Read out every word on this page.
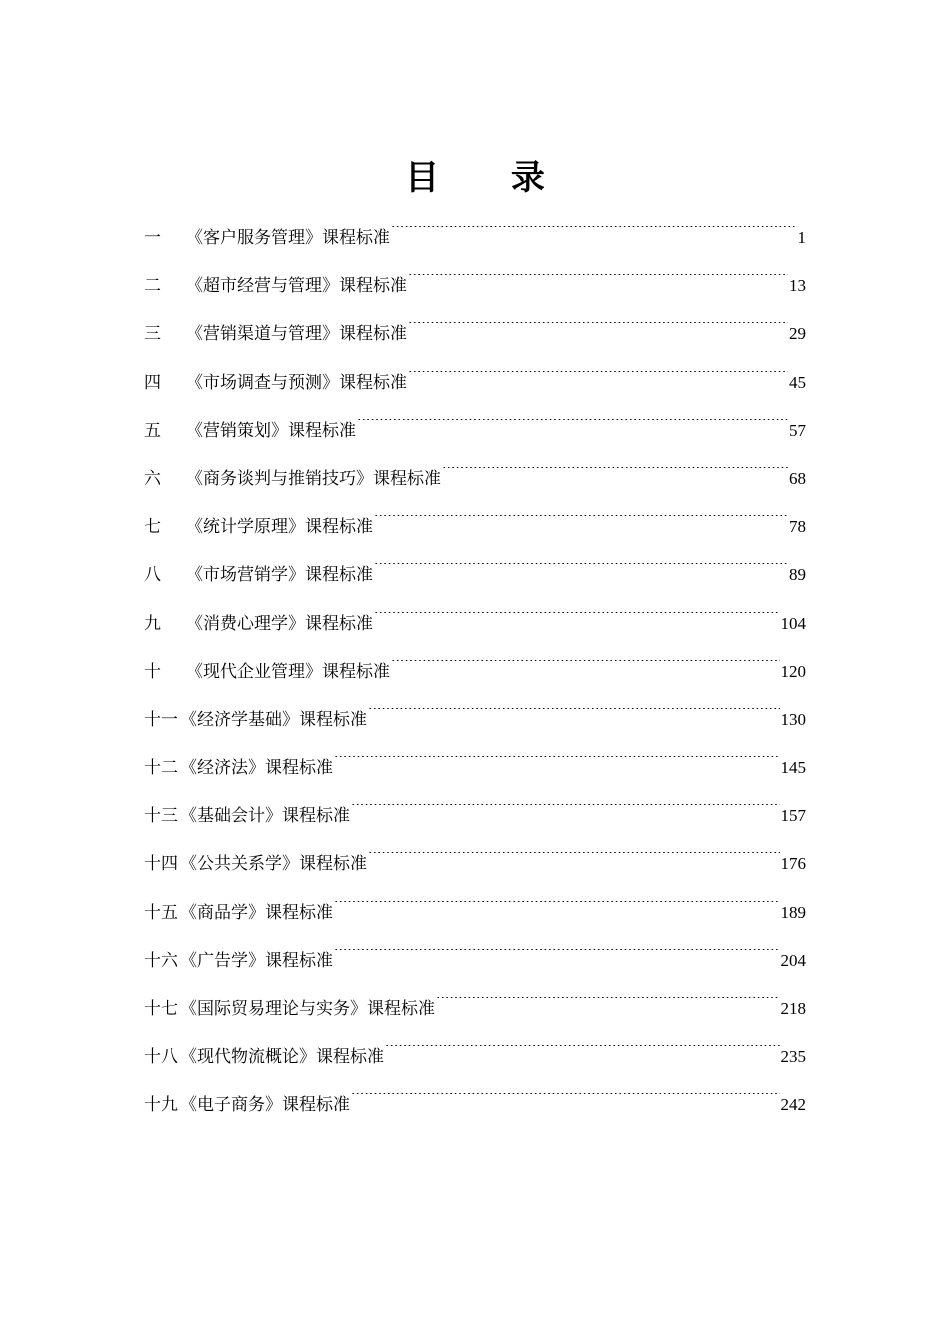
目 录
一	《客户服务管理》课程标准 .....	1
二	《超市经营与管理》课程标准 .....	13
三	《营销渠道与管理》课程标准 .....	29
四	《市场调查与预测》课程标准 .....	45
五	《营销策划》课程标准 .....	57
六	《商务谈判与推销技巧》课程标准 .....	68
七	《统计学原理》课程标准 .....	78
八	《市场营销学》课程标准 .....	89
九	《消费心理学》课程标准 .....	104
十	《现代企业管理》课程标准 .....	120
十一 《经济学基础》课程标准 .....	130
十二 《经济法》课程标准 .....	145
十三 《基础会计》课程标准 .....	157
十四 《公共关系学》课程标准 .....	176
十五 《商品学》课程标准 .....	189
十六 《广告学》课程标准 .....	204
十七 《国际贸易理论与实务》课程标准 .....	218
十八 《现代物流概论》课程标准 .....	235
十九 《电子商务》课程标准 .....	242
